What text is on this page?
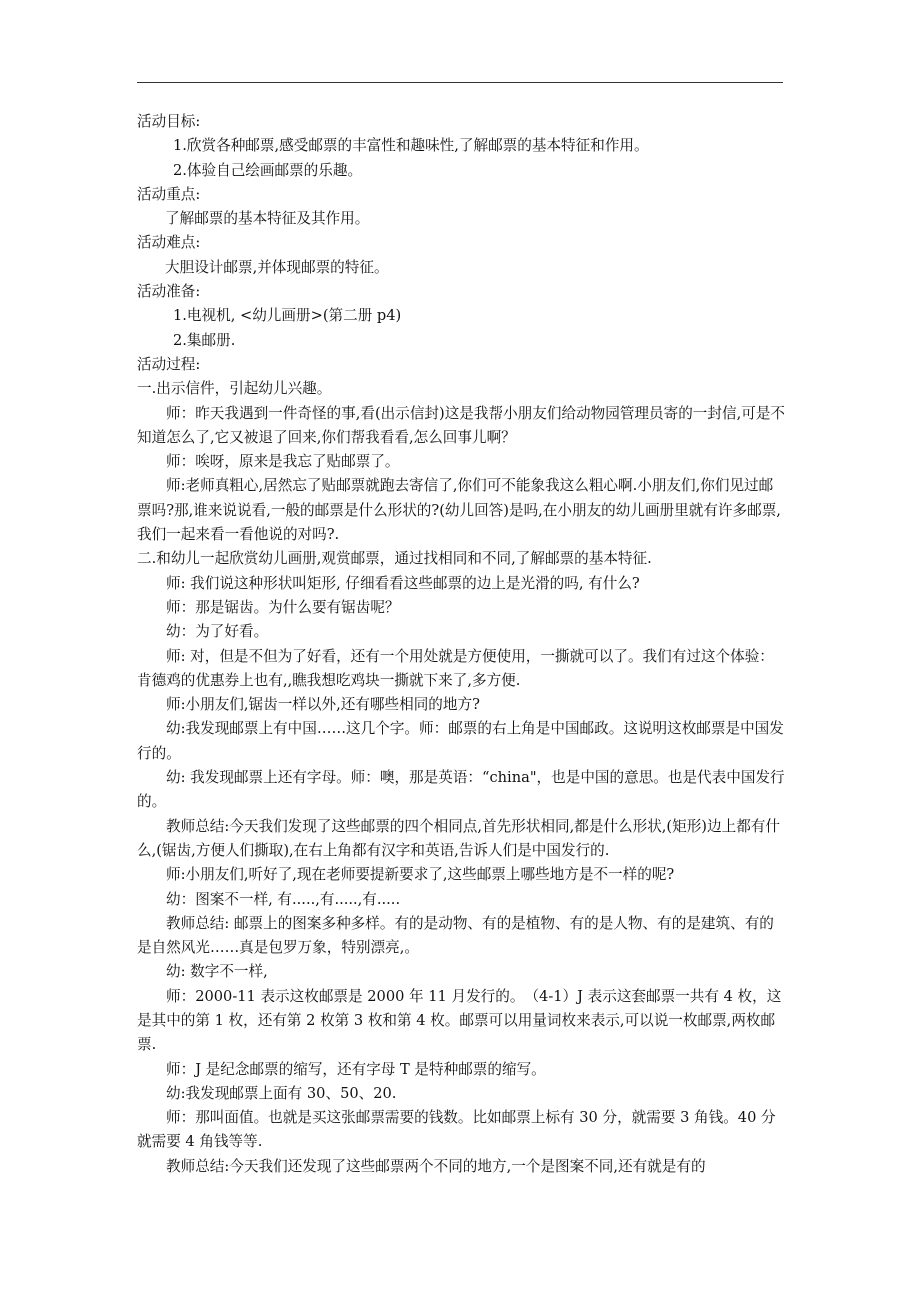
活动目标:

1.欣赏各种邮票,感受邮票的丰富性和趣味性,了解邮票的基本特征和作用。

2.体验自己绘画邮票的乐趣。

活动重点:

了解邮票的基本特征及其作用。

活动难点:

大胆设计邮票,并体现邮票的特征。

活动准备:

1.电视机, <幼儿画册>(第二册 p4)

2.集邮册.

活动过程:

一.出示信件，引起幼儿兴趣。

师：昨天我遇到一件奇怪的事,看(出示信封)这是我帮小朋友们给动物园管理员寄的一封信,可是不知道怎么了,它又被退了回来,你们帮我看看,怎么回事儿啊？

师：唉呀，原来是我忘了贴邮票了。

师:老师真粗心,居然忘了贴邮票就跑去寄信了,你们可不能象我这么粗心啊.小朋友们,你们见过邮票吗?那,谁来说说看,一般的邮票是什么形状的?(幼儿回答)是吗,在小朋友的幼儿画册里就有许多邮票,我们一起来看一看他说的对吗?.

二.和幼儿一起欣赏幼儿画册,观赏邮票，通过找相同和不同,了解邮票的基本特征.

师: 我们说这种形状叫矩形, 仔细看看这些邮票的边上是光滑的吗, 有什么?

师：那是锯齿。为什么要有锯齿呢？

幼：为了好看。

师: 对，但是不但为了好看，还有一个用处就是方便使用，一撕就可以了。我们有过这个体验：肯德鸡的优惠券上也有,,瞧我想吃鸡块一撕就下来了,多方便.

师:小朋友们,锯齿一样以外,还有哪些相同的地方?

幼:我发现邮票上有中国……这几个字。师：邮票的右上角是中国邮政。这说明这枚邮票是中国发行的。

幼: 我发现邮票上还有字母。师：噢，那是英语：“china"，也是中国的意思。也是代表中国发行的。

教师总结:今天我们发现了这些邮票的四个相同点,首先形状相同,都是什么形状,(矩形)边上都有什么,(锯齿,方便人们撕取),在右上角都有汉字和英语,告诉人们是中国发行的.

师:小朋友们,听好了,现在老师要提新要求了,这些邮票上哪些地方是不一样的呢?

幼：图案不一样, 有.....,有.....,有.....

教师总结: 邮票上的图案多种多样。有的是动物、有的是植物、有的是人物、有的是建筑、有的是自然风光……真是包罗万象，特别漂亮,。

幼: 数字不一样,

师：2000-11 表示这枚邮票是 2000 年 11 月发行的。　（4-1）J 表示这套邮票一共有 4 枚，这是其中的第 1 枚，还有第 2 枚第 3 枚和第 4 枚。邮票可以用量词枚来表示,可以说一枚邮票,两枚邮票.

师：J 是纪念邮票的缩写，还有字母 T 是特种邮票的缩写。

幼:我发现邮票上面有 30、50、20.

师：那叫面值。也就是买这张邮票需要的钱数。比如邮票上标有 30 分，就需要 3 角钱。40 分就需要 4 角钱等等.

教师总结:今天我们还发现了这些邮票两个不同的地方,一个是图案不同,还有就是有的
